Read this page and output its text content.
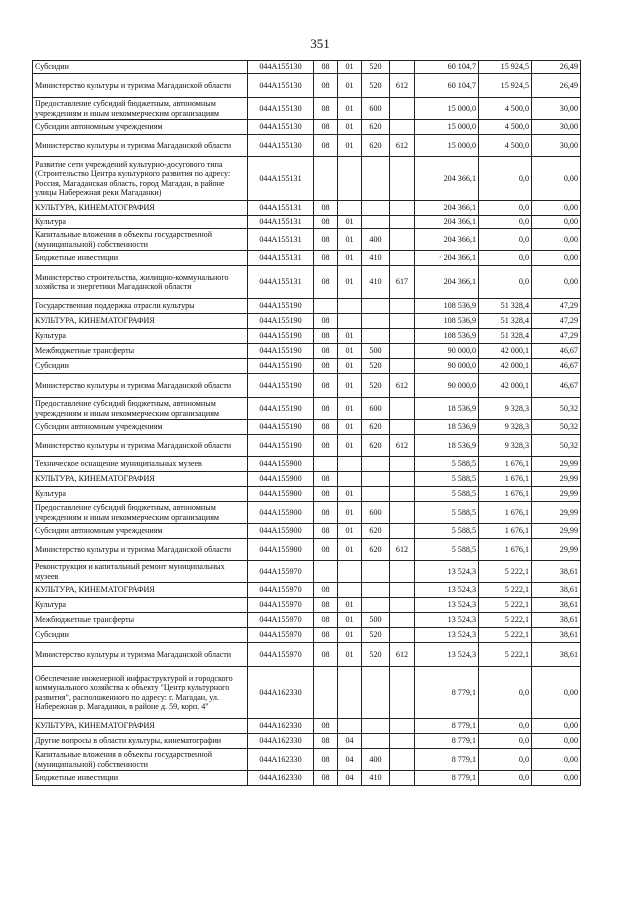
351
Субсидии	044A155130	08	01	520		60 104,7	15 924,5	26,49
Министерство культуры и туризма Магаданской области	044A155130	08	01	520	612	60 104,7	15 924,5	26,49
Предоставление субсидий бюджетным, автономным учреждениям и иным некоммерческим организациям	044A155130	08	01	600		15 000,0	4 500,0	30,00
Субсидии автономным учреждениям	044A155130	08	01	620		15 000,0	4 500,0	30,00
Министерство культуры и туризма Магаданской области	044A155130	08	01	620	612	15 000,0	4 500,0	30,00
Развитие сети учреждений культурно-досугового типа (Строительство Центра культурного развития по адресу: Россия, Магаданская область, город Магадан, в районе улицы Набережная реки Магаданки)	044A155131					204 366,1	0,0	0,00
КУЛЬТУРА, КИНЕМАТОГРАФИЯ	044A155131	08				204 366,1	0,0	0,00
Культура	044A155131	08	01			204 366,1	0,0	0,00
Капитальные вложения в объекты государственной (муниципальной) собственности	044A155131	08	01	400		204 366,1	0,0	0,00
Бюджетные инвестиции	044A155131	08	01	410		· 204 366,1	0,0	0,00
Министерство строительства, жилищно-коммунального хозяйства и энергетики Магаданской области	044A155131	08	01	410	617	204 366,1	0,0	0,00
Государственная поддержка отрасли культуры	044A155190					108 536,9	51 328,4	47,29
КУЛЬТУРА, КИНЕМАТОГРАФИЯ	044A155190	08				108 536,9	51 328,4	47,29
Культура	044A155190	08	01			108 536,9	51 328,4	47,29
Межбюджетные трансферты	044A155190	08	01	500		90 000,0	42 000,1	46,67
Субсидии	044A155190	08	01	520		90 000,0	42 000,1	46,67
Министерство культуры и туризма Магаданской области	044A155190	08	01	520	612	90 000,0	42 000,1	46,67
Предоставление субсидий бюджетным, автономным учреждениям и иным некоммерческим организациям	044A155190	08	01	600		18 536,9	9 328,3	50,32
Субсидии автономным учреждениям	044A155190	08	01	620		18 536,9	9 328,3	50,32
Министерство культуры и туризма Магаданской области	044A155190	08	01	620	612	18 536,9	9 328,3	50,32
Техническое оснащение муниципальных музеев	044A155900					5 588,5	1 676,1	29,99
КУЛЬТУРА, КИНЕМАТОГРАФИЯ	044A155900	08				5 588,5	1 676,1	29,99
Культура	044A155900	08	01			5 588,5	1 676,1	29,99
Предоставление субсидий бюджетным, автономным учреждениям и иным некоммерческим организациям	044A155900	08	01	600		5 588,5	1 676,1	29,99
Субсидии автономным учреждениям	044A155900	08	01	620		5 588,5	1 676,1	29,99
Министерство культуры и туризма Магаданской области	044A155900	08	01	620	612	5 588,5	1 676,1	29,99
Реконструкция и капитальный ремонт муниципальных музеев	044A155970					13 524,3	5 222,1	38,61
КУЛЬТУРА, КИНЕМАТОГРАФИЯ	044A155970	08				13 524,3	5 222,1	38,61
Культура	044A155970	08	01			13 524,3	5 222,1	38,61
Межбюджетные трансферты	044A155970	08	01	500		13 524,3	5 222,1	38,61
Субсидии	044A155970	08	01	520		13 524,3	5 222,1	38,61
Министерство культуры и туризма Магаданской области	044A155970	08	01	520	612	13 524,3	5 222,1	38,61
Обеспечение инженерной инфраструктурой и городского коммунального хозяйства к объекту "Центр культурного развития", расположенного по адресу: г. Магадан, ул. Набережная р. Магаданки, в районе д. 59, корп. 4"	044A162330					8 779,1	0,0	0,00
КУЛЬТУРА, КИНЕМАТОГРАФИЯ	044A162330	08				8 779,1	0,0	0,00
Другие вопросы в области культуры, кинематографии	044A162330	08	04			8 779,1	0,0	0,00
Капитальные вложения в объекты государственной (муниципальной) собственности	044A162330	08	04	400		8 779,1	0,0	0,00
Бюджетные инвестиции	044A162330	08	04	410		8 779,1	0,0	0,00
